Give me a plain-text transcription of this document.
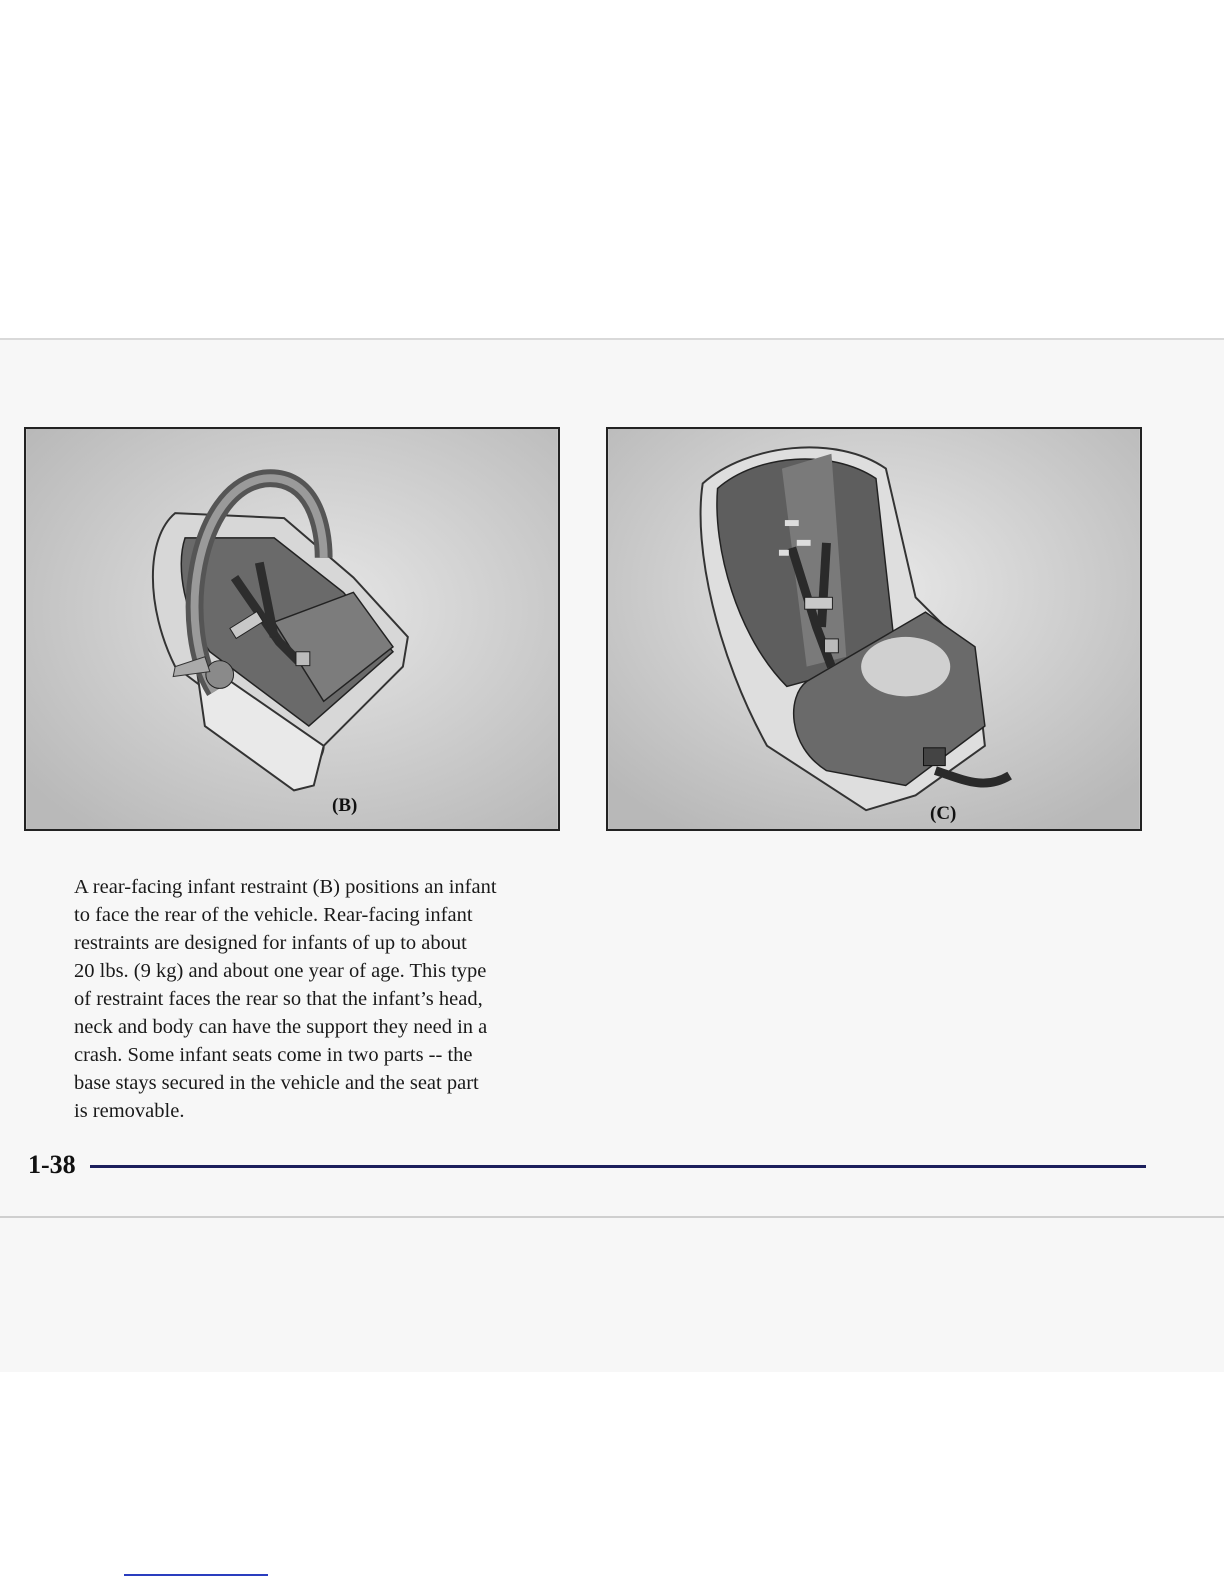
(B)	(C)
A rear-facing infant restraint (B) positions an infant
to face the rear of the vehicle. Rear-facing infant
restraints are designed for infants of up to about
20 lbs. (9 kg) and about one year of age. This type
of restraint faces the rear so that the infant’s head,
neck and body can have the support they need in a
crash. Some infant seats come in two parts -- the
base stays secured in the vehicle and the seat part
is removable.
1-38
